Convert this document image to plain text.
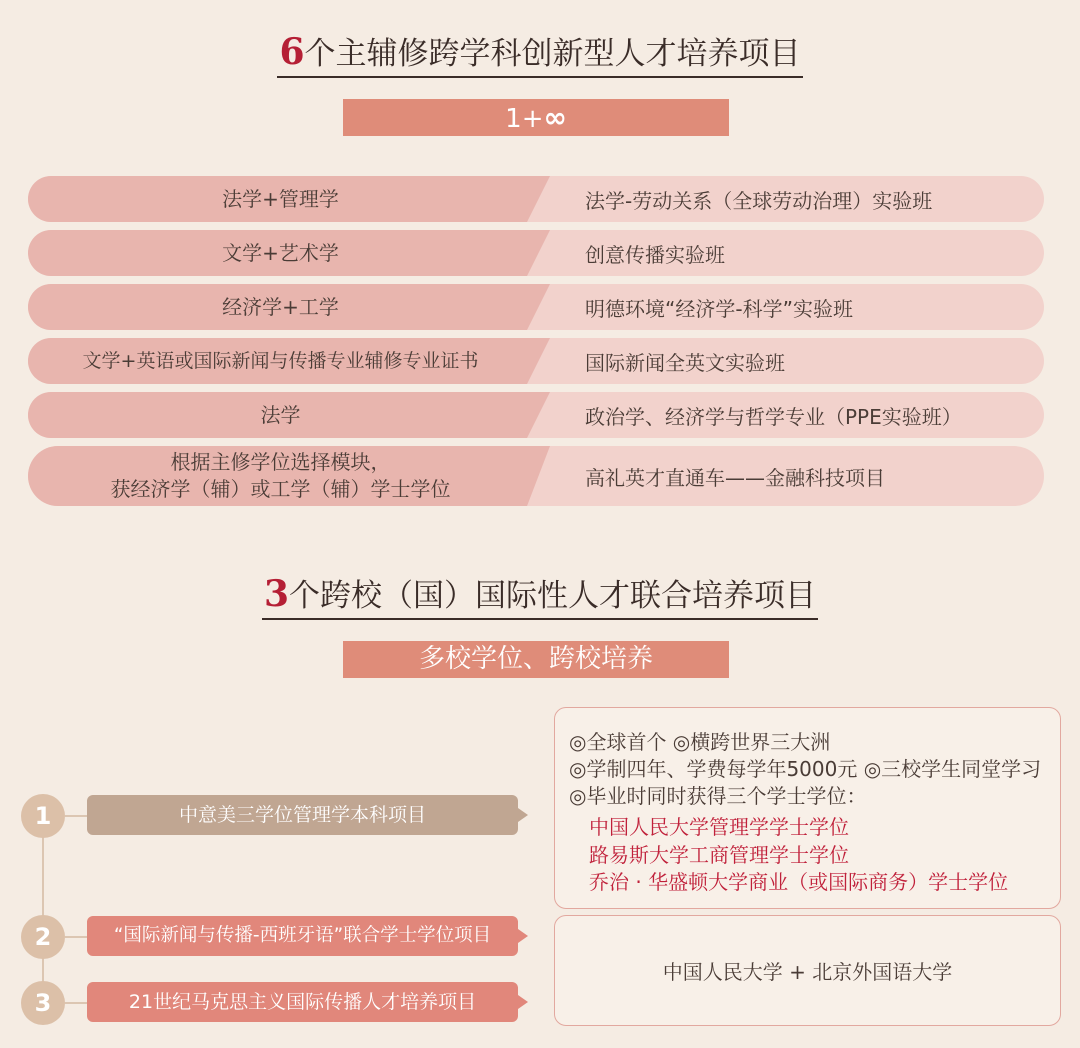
6个主辅修跨学科创新型人才培养项目
1+∞
法学+管理学	法学-劳动关系（全球劳动治理）实验班
文学+艺术学	创意传播实验班
经济学+工学	明德环境“经济学-科学”实验班
文学+英语或国际新闻与传播专业辅修专业证书	国际新闻全英文实验班
法学	政治学、经济学与哲学专业（PPE实验班）
根据主修学位选择模块，
获经济学（辅）或工学（辅）学士学位	高礼英才直通车——金融科技项目
3个跨校（国）国际性人才联合培养项目
多校学位、跨校培养
1	中意美三学位管理学本科项目
2	“国际新闻与传播-西班牙语”联合学士学位项目
3	21世纪马克思主义国际传播人才培养项目
◎全球首个 ◎横跨世界三大洲
◎学制四年、学费每学年5000元 ◎三校学生同堂学习
◎毕业时同时获得三个学士学位：
中国人民大学管理学学士学位
路易斯大学工商管理学士学位
乔治 · 华盛顿大学商业（或国际商务）学士学位
中国人民大学 + 北京外国语大学
